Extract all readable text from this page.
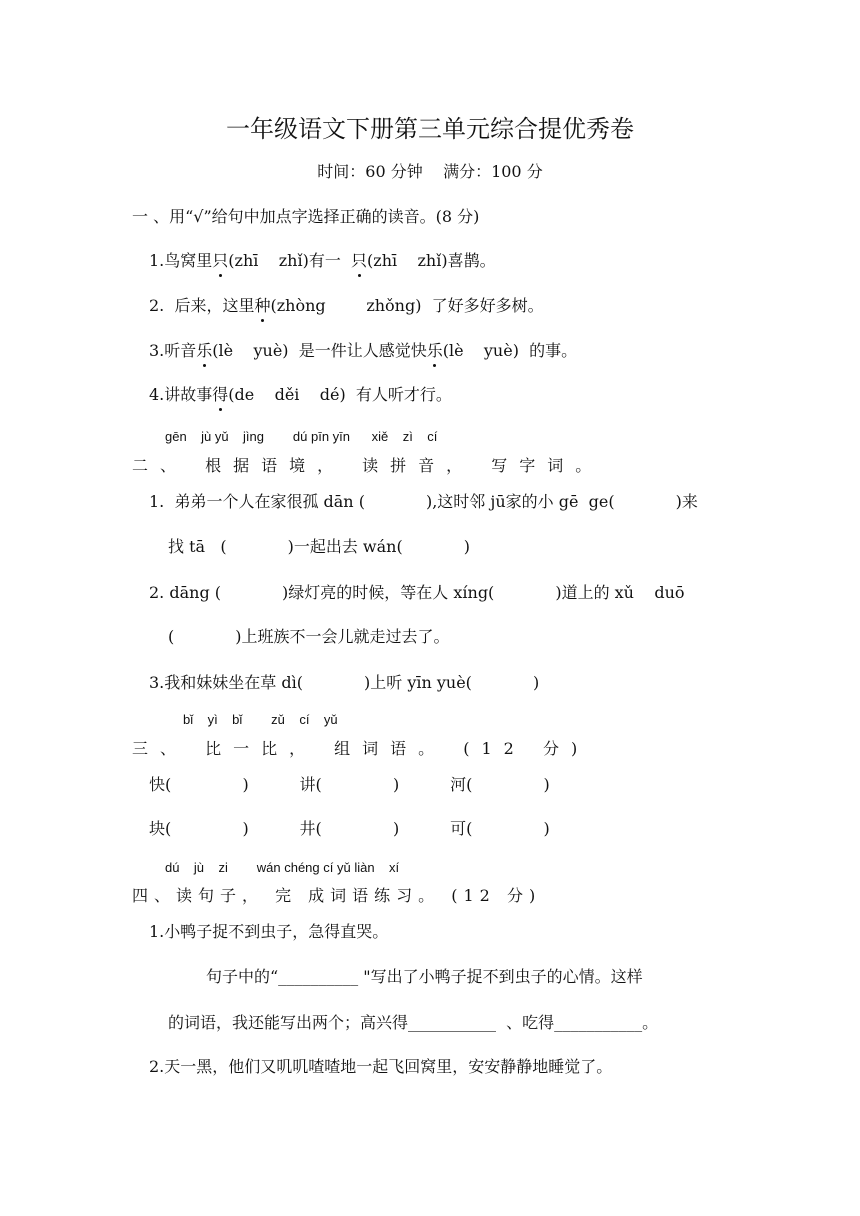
一年级语文下册第三单元综合提优秀卷
时间：60 分钟    满分：100 分
一 、用“√”给句中加点字选择正确的读音。(8 分)
1.鸟窝里只(zhī    zhǐ)有一  只(zhī    zhǐ)喜鹊。
2.  后来，这里种(zhòng        zhǒng)  了好多好多树。
3.听音乐(lè    yuè)  是一件让人感觉快乐(lè    yuè)  的事。
4.讲故事得(de    děi    dé)  有人听才行。
gēn    jù yǔ    jìng        dú pīn yīn      xiě    zì    cí
二、 根据语境， 读拼音， 写字词。
1.  弟弟一个人在家很孤 dān (            ),这时邻 jū家的小 gē  ge(            )来
找 tā   (            )一起出去 wán(            )
2. dāng (            )绿灯亮的时候，等在人 xíng(            )道上的 xǔ    duō
(            )上班族不一会儿就走过去了。
3.我和妹妹坐在草 dì(            )上听 yīn yuè(            )
bǐ    yì    bǐ        zǔ    cí    yǔ
三、 比一比， 组词语。 (12 分)
快(              )          讲(              )          河(              )
块(              )          井(              )          可(              )
dú    jù    zi        wán chéng cí yǔ liàn    xí
四、读句子， 完 成词语练习。 (12 分)
1.小鸭子捉不到虫子，急得直哭。
句子中的“__________ "写出了小鸭子捉不到虫子的心情。这样
的词语，我还能写出两个；高兴得___________  、吃得___________。
2.天一黑，他们又叽叽喳喳地一起飞回窝里，安安静静地睡觉了。
